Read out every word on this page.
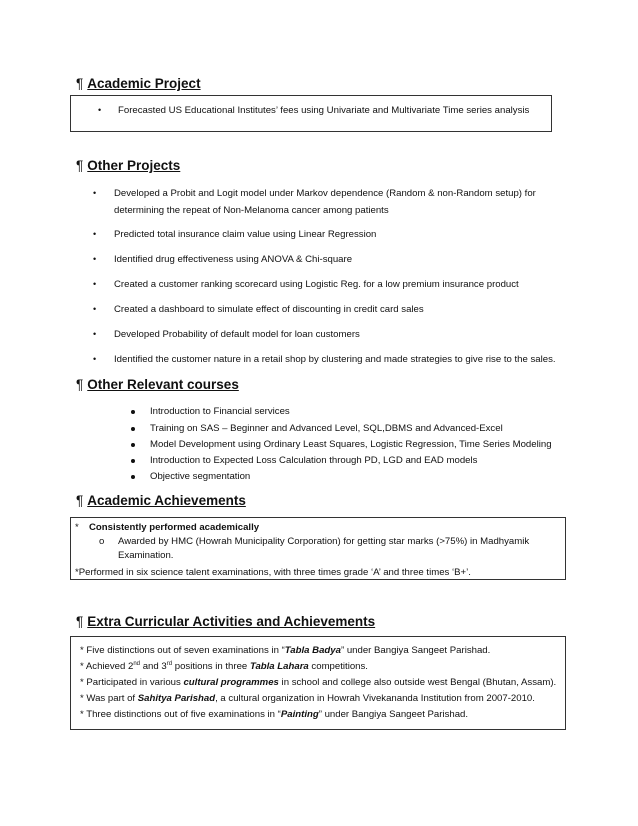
¶ Academic Project
• Forecasted US Educational Institutes’ fees using Univariate and Multivariate Time series analysis
¶ Other Projects
• Developed a Probit and Logit model under Markov dependence (Random & non-Random setup) for
determining the repeat of Non-Melanoma cancer among patients
• Predicted total insurance claim value using Linear Regression
• Identified drug effectiveness using ANOVA & Chi-square
• Created a customer ranking scorecard using Logistic Reg. for a low premium insurance product
• Created a dashboard to simulate effect of discounting in credit card sales
• Developed Probability of default model for loan customers
• Identified the customer nature in a retail shop by clustering and made strategies to give rise to the sales.
¶ Other Relevant courses
Introduction to Financial services
Training on SAS – Beginner and Advanced Level, SQL,DBMS and Advanced-Excel
Model Development using Ordinary Least Squares, Logistic Regression, Time Series Modeling
Introduction to Expected Loss Calculation through PD, LGD and EAD models
Objective segmentation
¶ Academic Achievements
* Consistently performed academically
o Awarded by HMC (Howrah Municipality Corporation) for getting star marks (>75%) in Madhyamik
Examination.
*Performed in six science talent examinations, with three times grade ‘A’ and three times ‘B+’.
¶ Extra Curricular Activities and Achievements
* Five distinctions out of seven examinations in “Tabla Badya” under Bangiya Sangeet Parishad.
* Achieved 2nd and 3rd positions in three Tabla Lahara competitions.
* Participated in various cultural programmes in school and college also outside west Bengal (Bhutan, Assam).
* Was part of Sahitya Parishad, a cultural organization in Howrah Vivekananda Institution from 2007-2010.
* Three distinctions out of five examinations in “Painting” under Bangiya Sangeet Parishad.
